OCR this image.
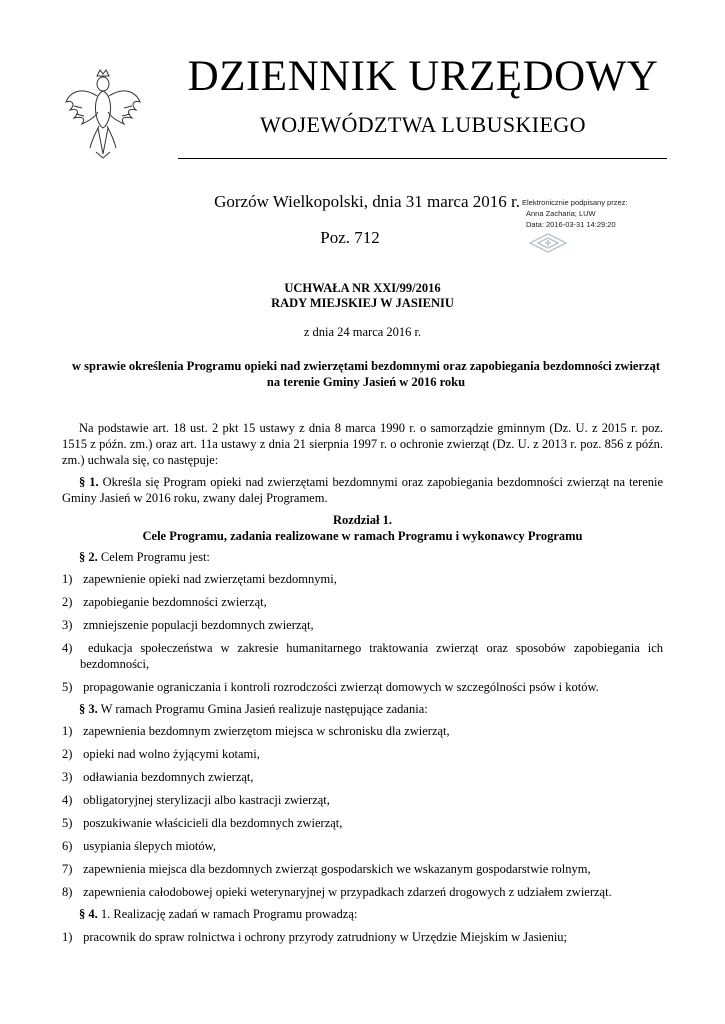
DZIENNIK URZĘDOWY
WOJEWÓDZTWA LUBUSKIEGO
Gorzów Wielkopolski, dnia 31 marca 2016 r.
Poz. 712
Elektronicznie podpisany przez:
Anna Zacharia; LUW
Data: 2016-03-31 14:29:20
UCHWAŁA NR XXI/99/2016
RADY MIEJSKIEJ W JASIENIU
z dnia 24 marca 2016 r.
w sprawie określenia Programu opieki nad zwierzętami bezdomnymi oraz zapobiegania bezdomności zwierząt na terenie Gminy Jasień w 2016 roku
Na podstawie art. 18 ust. 2 pkt 15 ustawy z dnia 8 marca 1990 r. o samorządzie gminnym (Dz. U. z 2015 r. poz. 1515 z późn. zm.) oraz art. 11a ustawy z dnia 21 sierpnia 1997 r. o ochronie zwierząt (Dz. U. z 2013 r. poz. 856 z późn. zm.) uchwala się, co następuje:
§ 1. Określa się Program opieki nad zwierzętami bezdomnymi oraz zapobiegania bezdomności zwierząt na terenie Gminy Jasień w 2016 roku, zwany dalej Programem.
Rozdział 1.
Cele Programu, zadania realizowane w ramach Programu i wykonawcy Programu
§ 2. Celem Programu jest:
1) zapewnienie opieki nad zwierzętami bezdomnymi,
2) zapobieganie bezdomności zwierząt,
3) zmniejszenie populacji bezdomnych zwierząt,
4) edukacja społeczeństwa w zakresie humanitarnego traktowania zwierząt oraz sposobów zapobiegania ich bezdomności,
5) propagowanie ograniczania i kontroli rozrodczości zwierząt domowych w szczególności psów i kotów.
§ 3. W ramach Programu Gmina Jasień realizuje następujące zadania:
1) zapewnienia bezdomnym zwierzętom miejsca w schronisku dla zwierząt,
2) opieki nad wolno żyjącymi kotami,
3) odławiania bezdomnych zwierząt,
4) obligatoryjnej sterylizacji albo kastracji zwierząt,
5) poszukiwanie właścicieli dla bezdomnych zwierząt,
6) usypiania ślepych miotów,
7) zapewnienia miejsca dla bezdomnych zwierząt gospodarskich we wskazanym gospodarstwie rolnym,
8) zapewnienia całodobowej opieki weterynaryjnej w przypadkach zdarzeń drogowych z udziałem zwierząt.
§ 4. 1. Realizację zadań w ramach Programu prowadzą:
1) pracownik do spraw rolnictwa i ochrony przyrody zatrudniony w Urzędzie Miejskim w Jasieniu;
